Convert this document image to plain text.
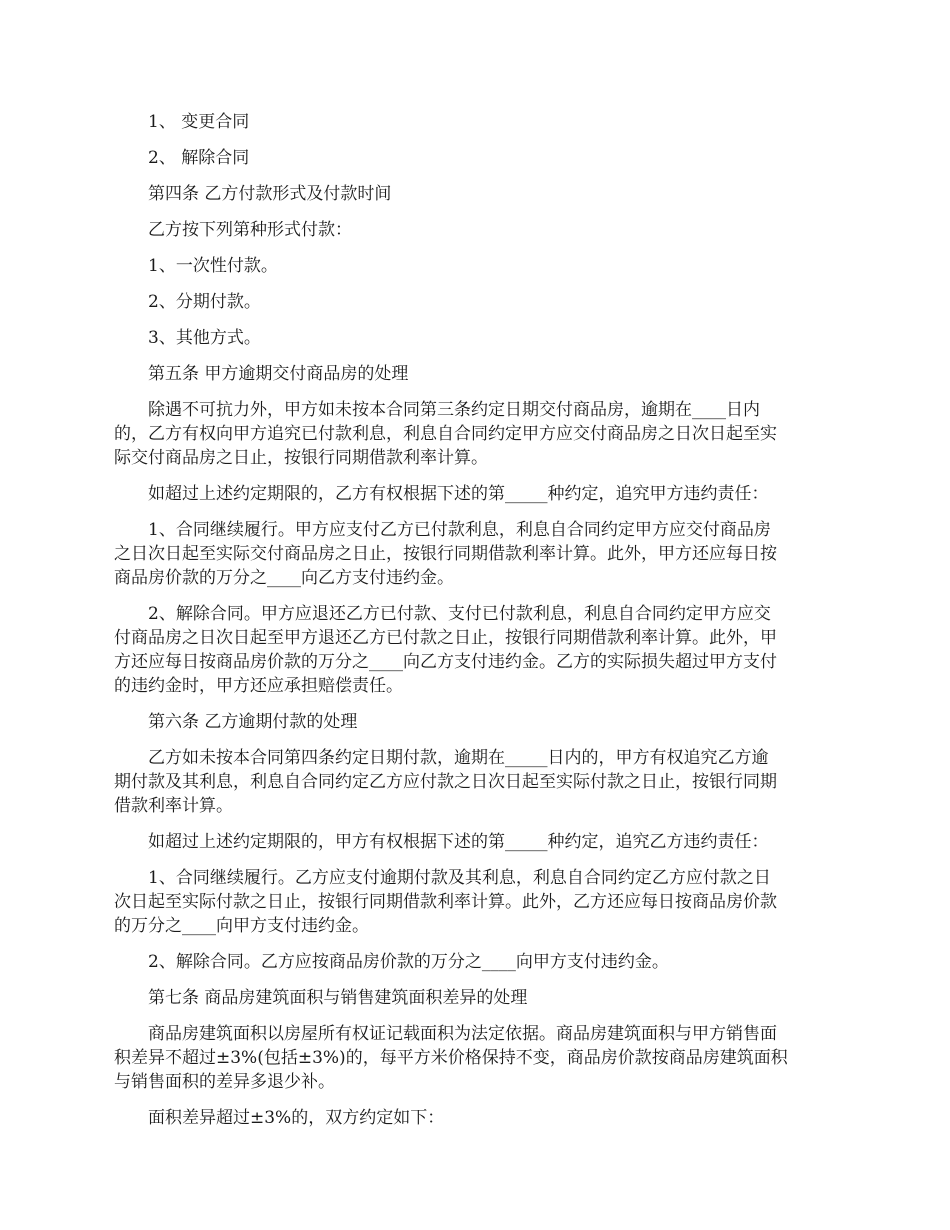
1、 变更合同
2、 解除合同
第四条 乙方付款形式及付款时间
乙方按下列第种形式付款：
1、一次性付款。
2、分期付款。
3、其他方式。
第五条 甲方逾期交付商品房的处理
除遇不可抗力外，甲方如未按本合同第三条约定日期交付商品房，逾期在____日内
的，乙方有权向甲方追究已付款利息，利息自合同约定甲方应交付商品房之日次日起至实
际交付商品房之日止，按银行同期借款利率计算。
如超过上述约定期限的，乙方有权根据下述的第_____种约定，追究甲方违约责任：
1、合同继续履行。甲方应支付乙方已付款利息，利息自合同约定甲方应交付商品房
之日次日起至实际交付商品房之日止，按银行同期借款利率计算。此外，甲方还应每日按
商品房价款的万分之____向乙方支付违约金。
2、解除合同。甲方应退还乙方已付款、支付已付款利息，利息自合同约定甲方应交
付商品房之日次日起至甲方退还乙方已付款之日止，按银行同期借款利率计算。此外，甲
方还应每日按商品房价款的万分之____向乙方支付违约金。乙方的实际损失超过甲方支付
的违约金时，甲方还应承担赔偿责任。
第六条 乙方逾期付款的处理
乙方如未按本合同第四条约定日期付款，逾期在_____日内的，甲方有权追究乙方逾
期付款及其利息，利息自合同约定乙方应付款之日次日起至实际付款之日止，按银行同期
借款利率计算。
如超过上述约定期限的，甲方有权根据下述的第_____种约定，追究乙方违约责任：
1、合同继续履行。乙方应支付逾期付款及其利息，利息自合同约定乙方应付款之日
次日起至实际付款之日止，按银行同期借款利率计算。此外，乙方还应每日按商品房价款
的万分之____向甲方支付违约金。
2、解除合同。乙方应按商品房价款的万分之____向甲方支付违约金。
第七条 商品房建筑面积与销售建筑面积差异的处理
商品房建筑面积以房屋所有权证记载面积为法定依据。商品房建筑面积与甲方销售面
积差异不超过±3%(包括±3%)的，每平方米价格保持不变，商品房价款按商品房建筑面积
与销售面积的差异多退少补。
面积差异超过±3%的，双方约定如下：
